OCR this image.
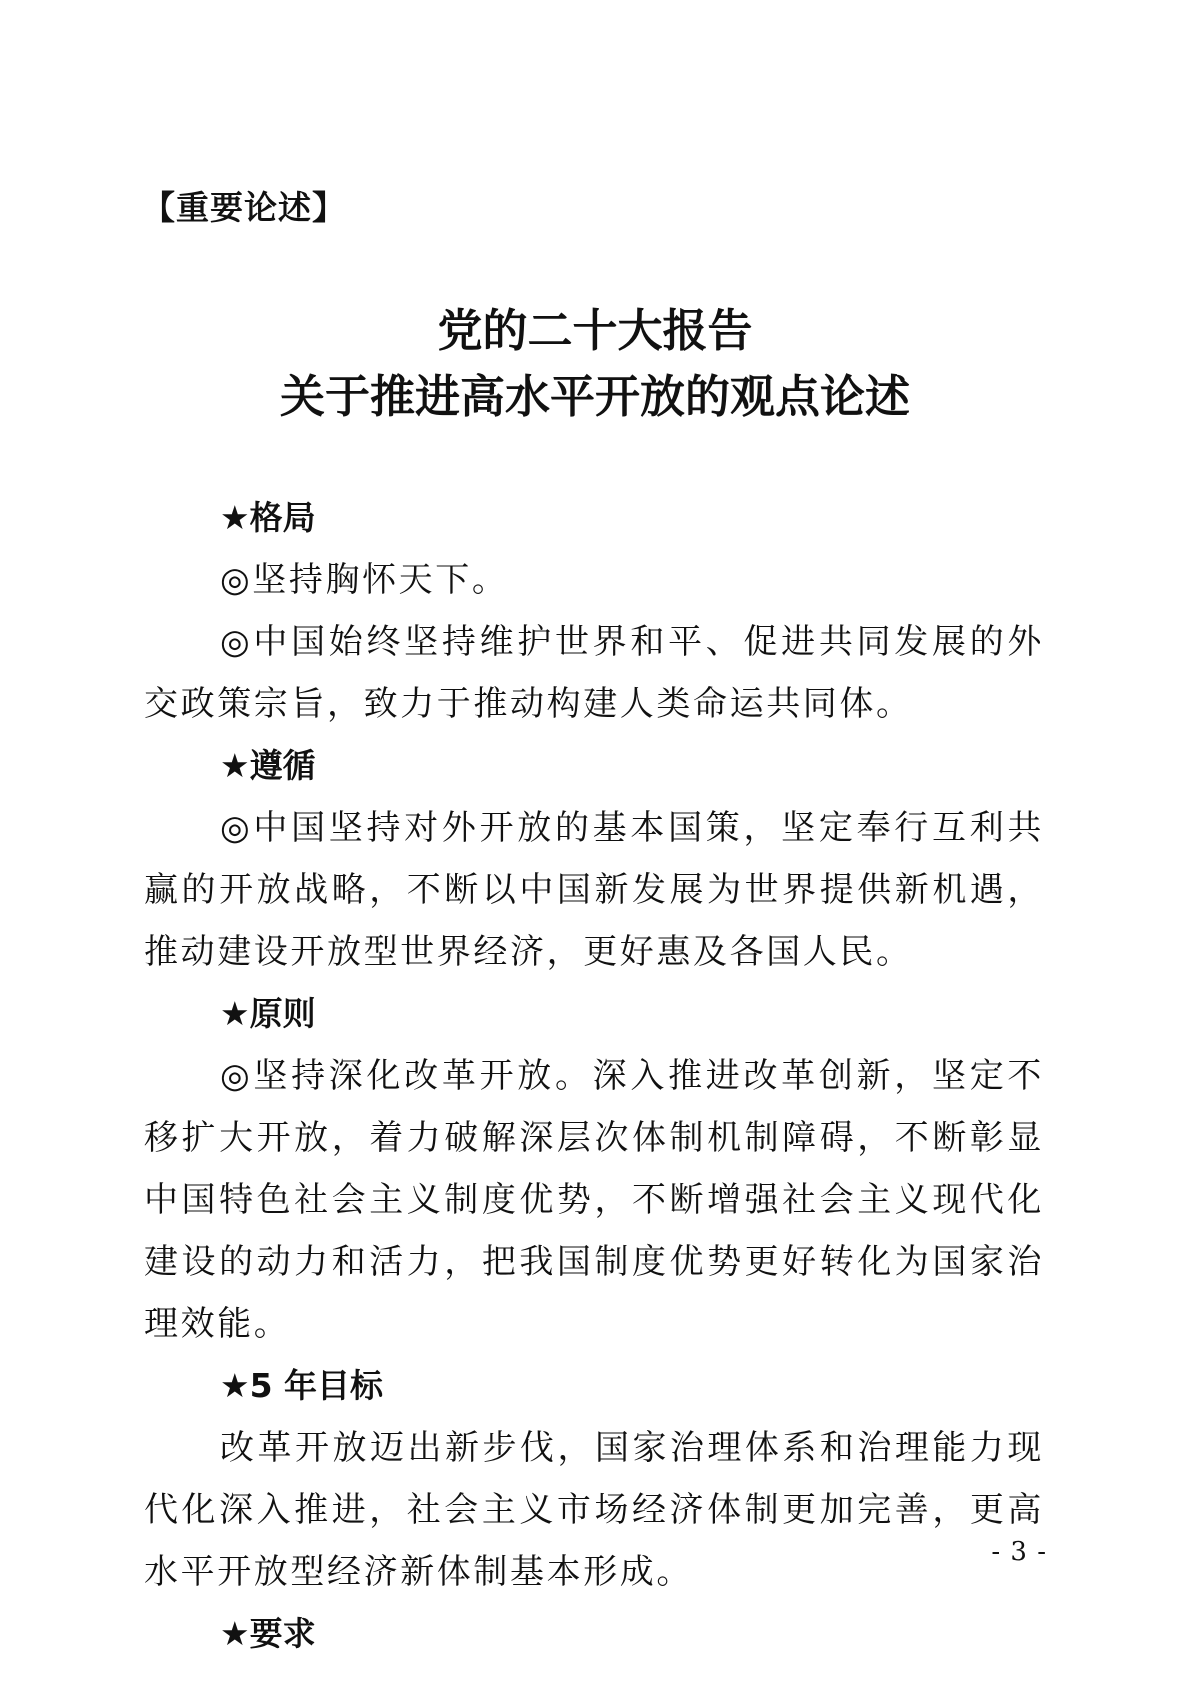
【重要论述】
党的二十大报告
关于推进高水平开放的观点论述
★格局

◎坚持胸怀天下。

◎中国始终坚持维护世界和平、促进共同发展的外交政策宗旨，致力于推动构建人类命运共同体。

★遵循

◎中国坚持对外开放的基本国策，坚定奉行互利共赢的开放战略，不断以中国新发展为世界提供新机遇，推动建设开放型世界经济，更好惠及各国人民。

★原则

◎坚持深化改革开放。深入推进改革创新，坚定不移扩大开放，着力破解深层次体制机制障碍，不断彰显中国特色社会主义制度优势，不断增强社会主义现代化建设的动力和活力，把我国制度优势更好转化为国家治理效能。

★5 年目标

改革开放迈出新步伐，国家治理体系和治理能力现代化深入推进，社会主义市场经济体制更加完善，更高水平开放型经济新体制基本形成。

★要求
- 3 -
